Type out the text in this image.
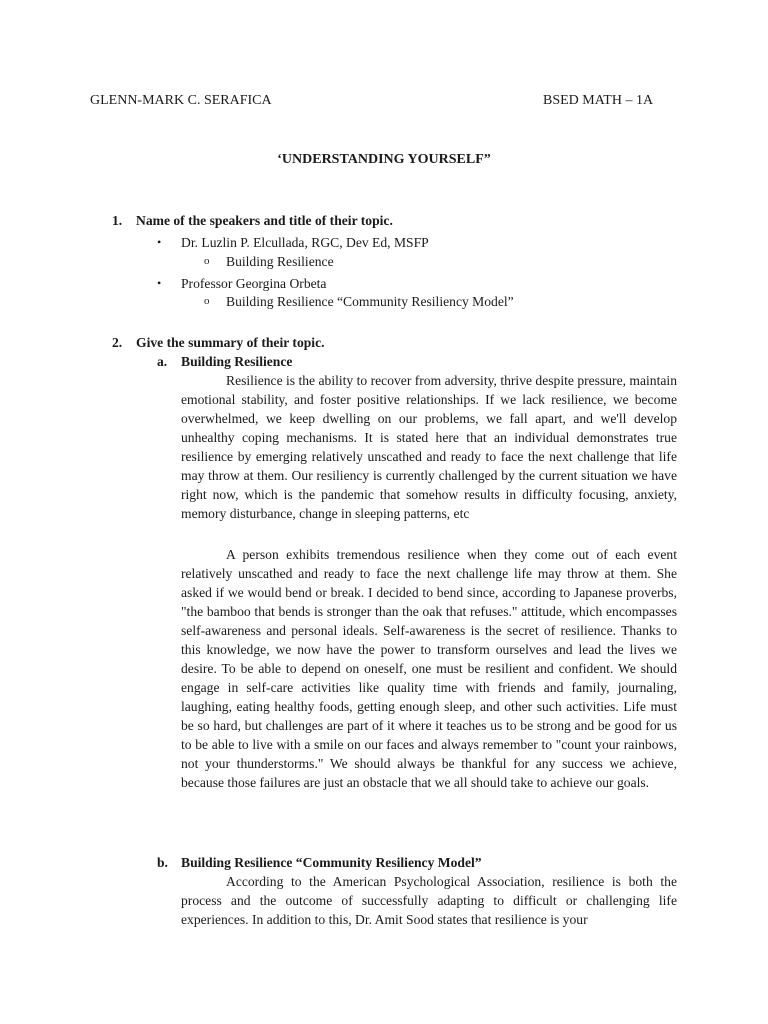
GLENN-MARK C. SERAFICA	BSED MATH – 1A
‘UNDERSTANDING YOURSELF”
1. Name of the speakers and title of their topic.
• Dr. Luzlin P. Elcullada, RGC, Dev Ed, MSFP
o Building Resilience
• Professor Georgina Orbeta
o Building Resilience “Community Resiliency Model”
2. Give the summary of their topic.
a. Building Resilience

Resilience is the ability to recover from adversity, thrive despite pressure, maintain emotional stability, and foster positive relationships. If we lack resilience, we become overwhelmed, we keep dwelling on our problems, we fall apart, and we'll develop unhealthy coping mechanisms. It is stated here that an individual demonstrates true resilience by emerging relatively unscathed and ready to face the next challenge that life may throw at them. Our resiliency is currently challenged by the current situation we have right now, which is the pandemic that somehow results in difficulty focusing, anxiety, memory disturbance, change in sleeping patterns, etc

A person exhibits tremendous resilience when they come out of each event relatively unscathed and ready to face the next challenge life may throw at them. She asked if we would bend or break. I decided to bend since, according to Japanese proverbs, "the bamboo that bends is stronger than the oak that refuses." attitude, which encompasses self-awareness and personal ideals. Self-awareness is the secret of resilience. Thanks to this knowledge, we now have the power to transform ourselves and lead the lives we desire. To be able to depend on oneself, one must be resilient and confident. We should engage in self-care activities like quality time with friends and family, journaling, laughing, eating healthy foods, getting enough sleep, and other such activities. Life must be so hard, but challenges are part of it where it teaches us to be strong and be good for us to be able to live with a smile on our faces and always remember to "count your rainbows, not your thunderstorms." We should always be thankful for any success we achieve, because those failures are just an obstacle that we all should take to achieve our goals.

b. Building Resilience “Community Resiliency Model”

According to the American Psychological Association, resilience is both the process and the outcome of successfully adapting to difficult or challenging life experiences. In addition to this, Dr. Amit Sood states that resilience is your
